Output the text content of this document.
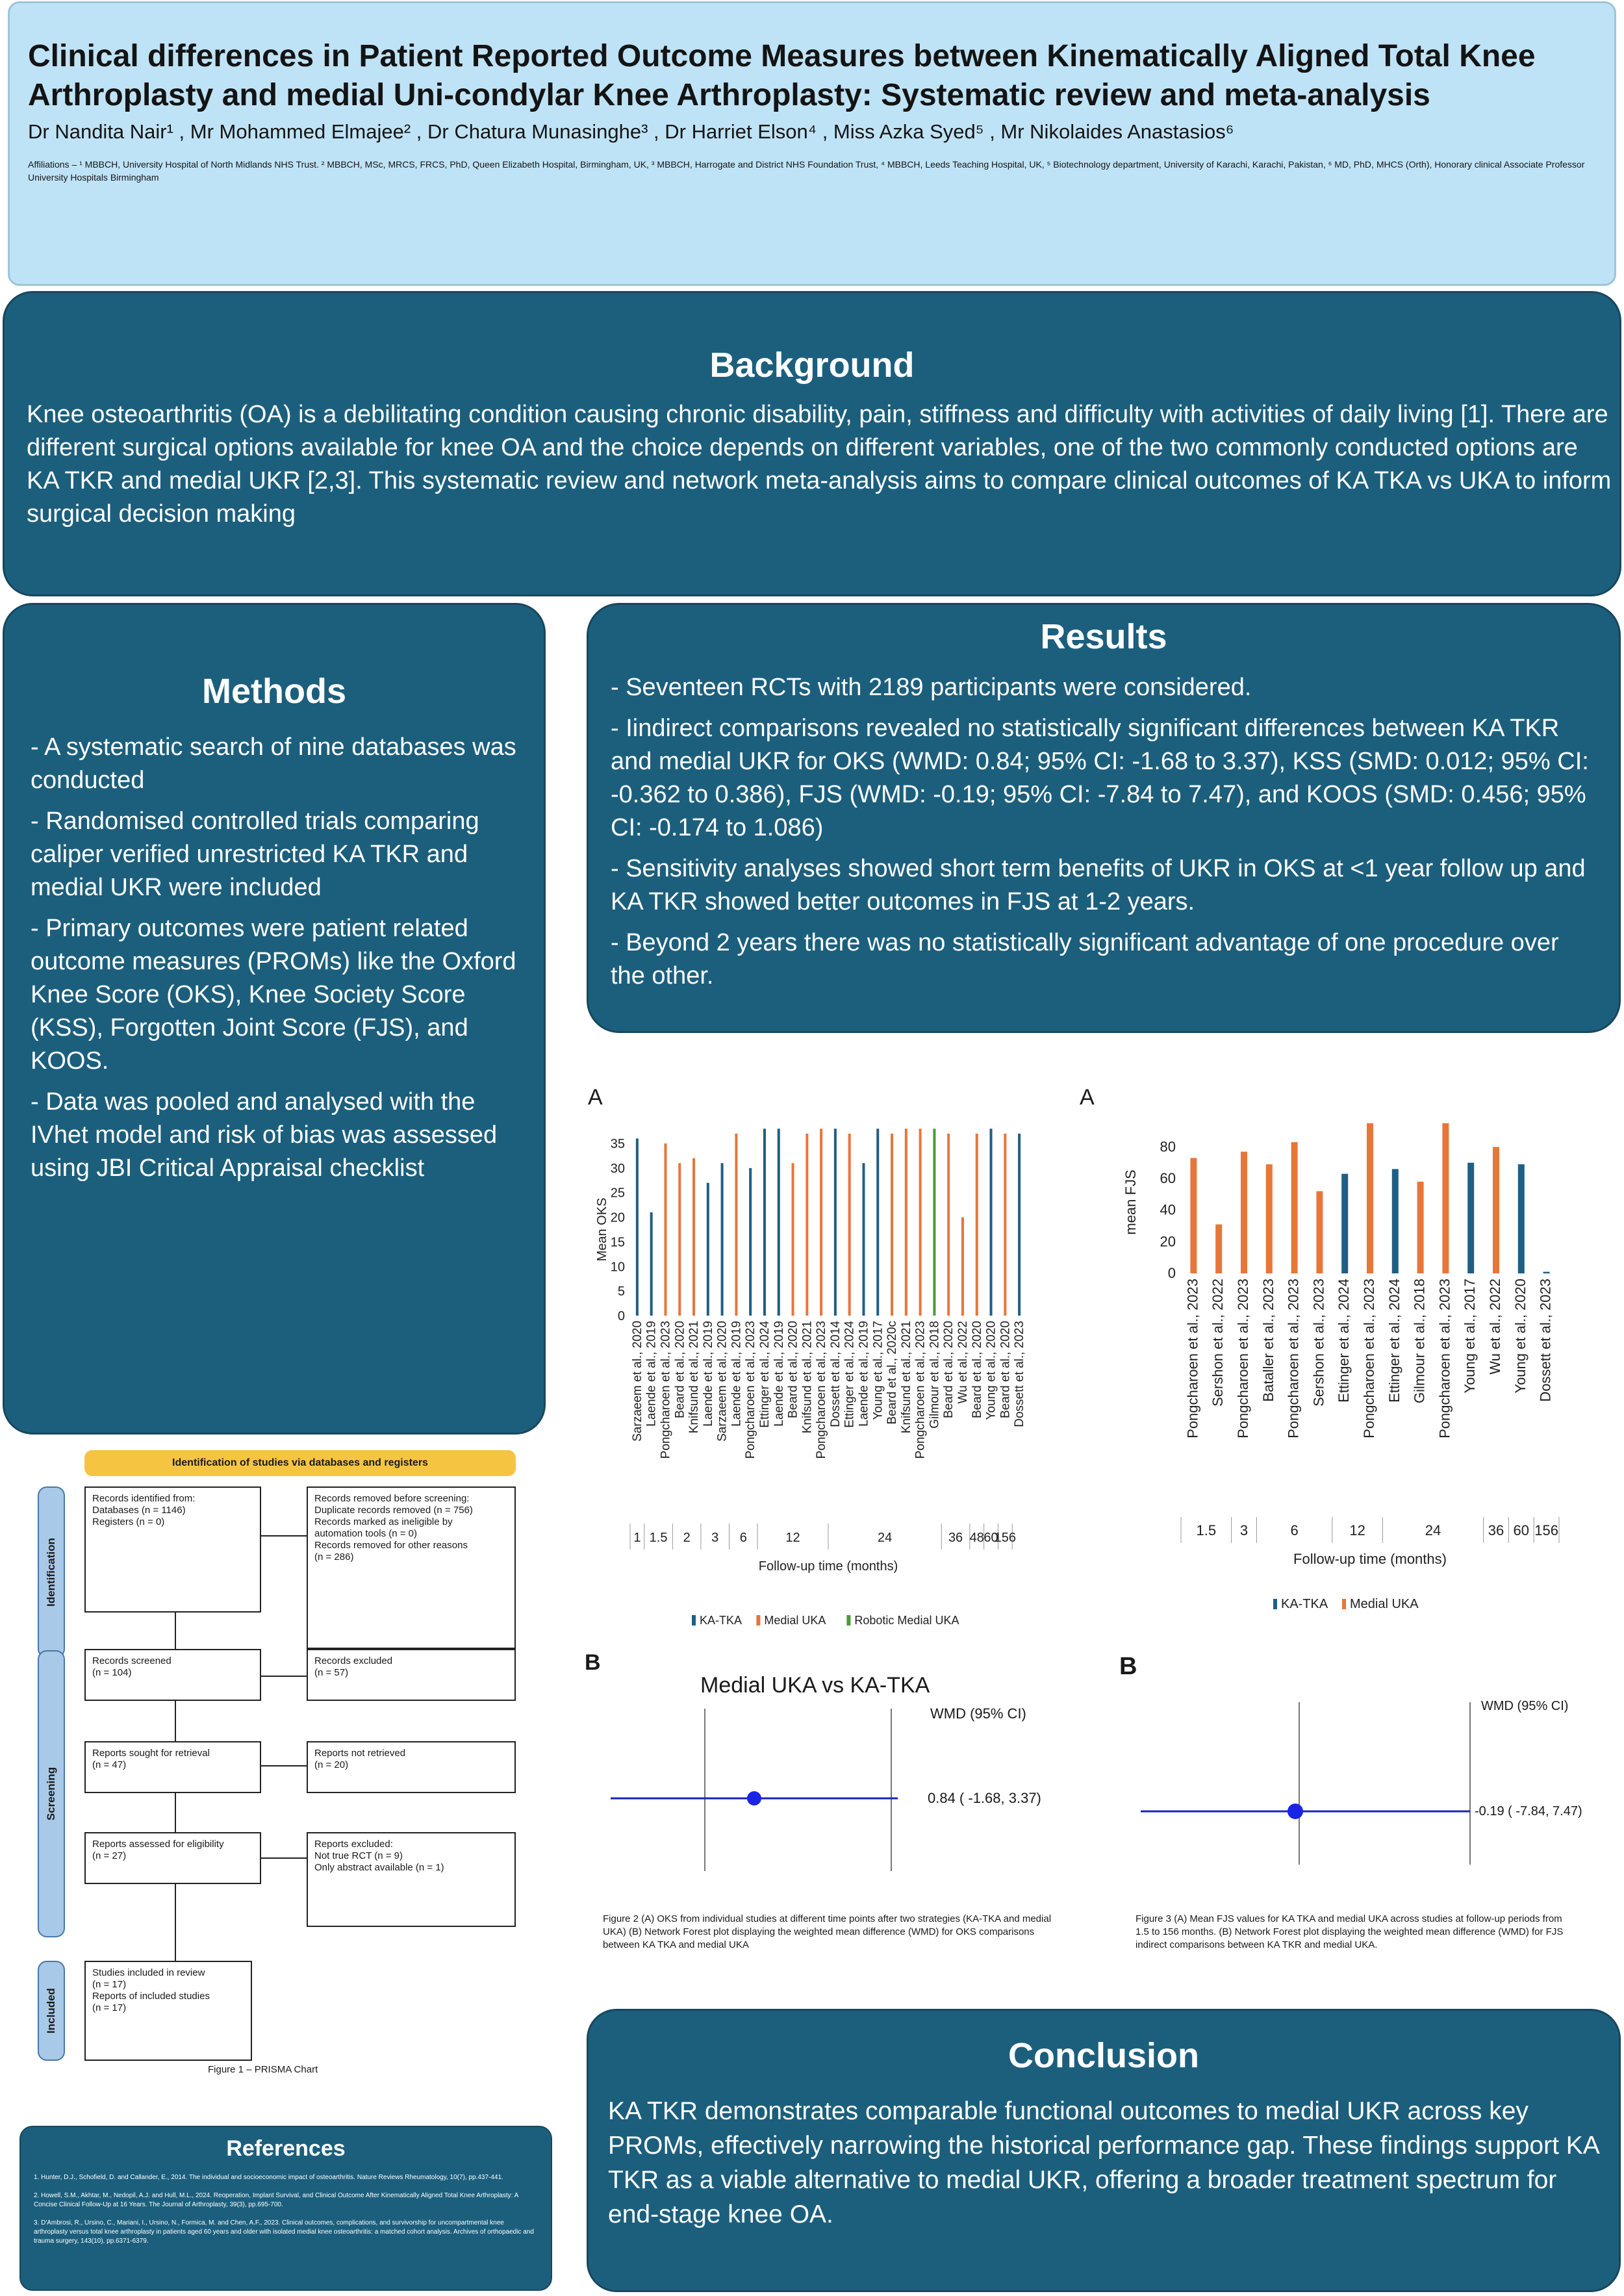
Clinical differences in Patient Reported Outcome Measures between Kinematically Aligned Total Knee Arthroplasty and medial Uni-condylar Knee Arthroplasty: Systematic review and meta-analysis
Dr Nandita Nair¹ , Mr Mohammed Elmajee² , Dr Chatura Munasinghe³ , Dr Harriet Elson⁴ , Miss Azka Syed⁵ , Mr Nikolaides Anastasios⁶
Affiliations – ¹ MBBCH, University Hospital of North Midlands NHS Trust. ² MBBCH, MSc, MRCS, FRCS, PhD, Queen Elizabeth Hospital, Birmingham, UK, ³ MBBCH, Harrogate and District NHS Foundation Trust, ⁴ MBBCH, Leeds Teaching Hospital, UK, ⁵ Biotechnology department, University of Karachi, Karachi, Pakistan, ⁶ MD, PhD, MHCS (Orth), Honorary clinical Associate Professor University Hospitals Birmingham
Background
Knee osteoarthritis (OA) is a debilitating condition causing chronic disability, pain, stiffness and difficulty with activities of daily living [1]. There are different surgical options available for knee OA and the choice depends on different variables, one of the two commonly conducted options are KA TKR and medial UKR [2,3]. This systematic review and network meta-analysis aims to compare clinical outcomes of KA TKA vs UKA to inform surgical decision making
Methods
- A systematic search of nine databases was conducted
- Randomised controlled trials comparing caliper verified unrestricted KA TKR and medial UKR were included
- Primary outcomes were patient related outcome measures (PROMs) like the Oxford Knee Score (OKS), Knee Society Score (KSS), Forgotten Joint Score (FJS), and KOOS.
- Data was pooled and analysed with the IVhet model and risk of bias was assessed using JBI Critical Appraisal checklist
Results
- Seventeen RCTs with 2189 participants were considered.
- Iindirect comparisons revealed no statistically significant differences between KA TKR and medial UKR for OKS (WMD: 0.84; 95% CI: -1.68 to 3.37), KSS (SMD: 0.012; 95% CI: -0.362 to 0.386), FJS (WMD: -0.19; 95% CI: -7.84 to 7.47), and KOOS (SMD: 0.456; 95% CI: -0.174 to 1.086)
- Sensitivity analyses showed short term benefits of UKR in OKS at <1 year follow up and KA TKR showed better outcomes in FJS at 1-2 years.
- Beyond 2 years there was no statistically significant advantage of one procedure over the other.
A
0
5
10
15
20
25
30
35
Mean OKS
Sarzaeem et al., 2020 Laende et al., 2019 Pongcharoen et al., 2023 Beard et al., 2020 Knifsund et al., 2021 Laende et al., 2019 Sarzaeem et al., 2020 Laende et al., 2019 Pongcharoen et al., 2023 Ettinger et al., 2024 Laende et al., 2019 Beard et al., 2020 Knifsund et al., 2021 Pongcharoen et al., 2023 Dossett et al., 2014 Ettinger et al., 2024 Laende et al., 2019 Young et al., 2017 Beard et al., 2020c Knifsund et al., 2021 Pongcharoen et al., 2023 Gilmour et al., 2018 Beard et al., 2020 Wu et al., 2022 Beard et al., 2020 Young et al., 2020 Beard et al., 2020 Dossett et al., 2023
1 1.5 2 3 6	12	24	36 48 60
156
Follow-up time (months)
KA-TKA Medial UKA Robotic Medial UKA
A
0
20
40
60
80
mean FJS
Pongcharoen et al., 2023 Sershon et al., 2022 Pongcharoen et al., 2023 Bataller et al., 2023 Pongcharoen et al., 2023 Sershon et al., 2023 Ettinger et al., 2024 Pongcharoen et al., 2023 Ettinger et al., 2024 Gilmour et al., 2018 Pongcharoen et al., 2023 Young et al., 2017 Wu et al., 2022 Young et al., 2020 Dossett et al., 2023
1.5 3	6	12	24	36 60 156
Follow-up time (months)
KA-TKA Medial UKA
B
Medial UKA vs KA-TKA
WMD (95% CI)
0.84 ( -1.68, 3.37)
B
WMD (95% CI)
-0.19 ( -7.84, 7.47)
Figure 2 (A) OKS from individual studies at different time points after two strategies (KA-TKA and medial UKA) (B) Network Forest plot displaying the weighted mean difference (WMD) for OKS comparisons between KA TKA and medial UKA
Figure 3 (A) Mean FJS values for KA TKA and medial UKA across studies at follow-up periods from 1.5 to 156 months. (B) Network Forest plot displaying the weighted mean difference (WMD) for FJS indirect comparisons between KA TKR and medial UKA.
Identification of studies via databases and registers
Identification
Screening
Included
Records identified from:
Databases (n = 1146)
Registers (n = 0)
Records removed before screening:
Duplicate records removed (n = 756)
Records marked as ineligible by
automation tools (n = 0)
Records removed for other reasons
(n = 286)
Records screened
(n = 104)
Records excluded
(n = 57)
Reports sought for retrieval
(n = 47)
Reports not retrieved
(n = 20)
Reports assessed for eligibility
(n = 27)
Reports excluded:
Not true RCT (n = 9)
Only abstract available (n = 1)
Studies included in review
(n = 17)
Reports of included studies
(n = 17)
Figure 1 – PRISMA Chart
References
1. Hunter, D.J., Schofield, D. and Callander, E., 2014. The individual and socioeconomic impact of osteoarthritis. Nature Reviews Rheumatology, 10(7), pp.437-441.
2. Howell, S.M., Akhtar, M., Nedopil, A.J. and Hull, M.L., 2024. Reoperation, Implant Survival, and Clinical Outcome After Kinematically Aligned Total Knee Arthroplasty: A Concise Clinical Follow-Up at 16 Years. The Journal of Arthroplasty, 39(3), pp.695-700.
3. D'Ambrosi, R., Ursino, C., Mariani, I., Ursino, N., Formica, M. and Chen, A.F., 2023. Clinical outcomes, complications, and survivorship for uncompartmental knee arthroplasty versus total knee arthroplasty in patients aged 60 years and older with isolated medial knee osteoarthritis: a matched cohort analysis. Archives of orthopaedic and trauma surgery, 143(10), pp.6371-6379.
Conclusion
KA TKR demonstrates comparable functional outcomes to medial UKR across key PROMs, effectively narrowing the historical performance gap. These findings support KA TKR as a viable alternative to medial UKR, offering a broader treatment spectrum for end-stage knee OA.
